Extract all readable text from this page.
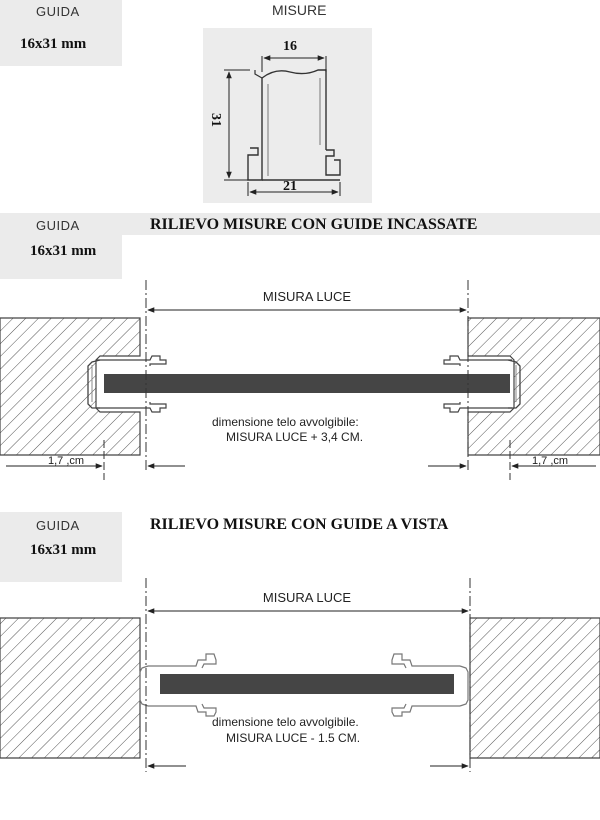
GUIDA
16x31 mm
MISURE
GUIDA	RILIEVO MISURE CON GUIDE INCASSATE
16x31 mm
GUIDA	RILIEVO MISURE CON GUIDE A VISTA
16x31 mm
16
31
21
MISURA LUCE
dimensione telo avvolgibile:
MISURA LUCE + 3,4 CM.
1,7 ,cm	1,7 ,cm
MISURA LUCE
dimensione telo avvolgibile.
MISURA LUCE - 1.5 CM.
